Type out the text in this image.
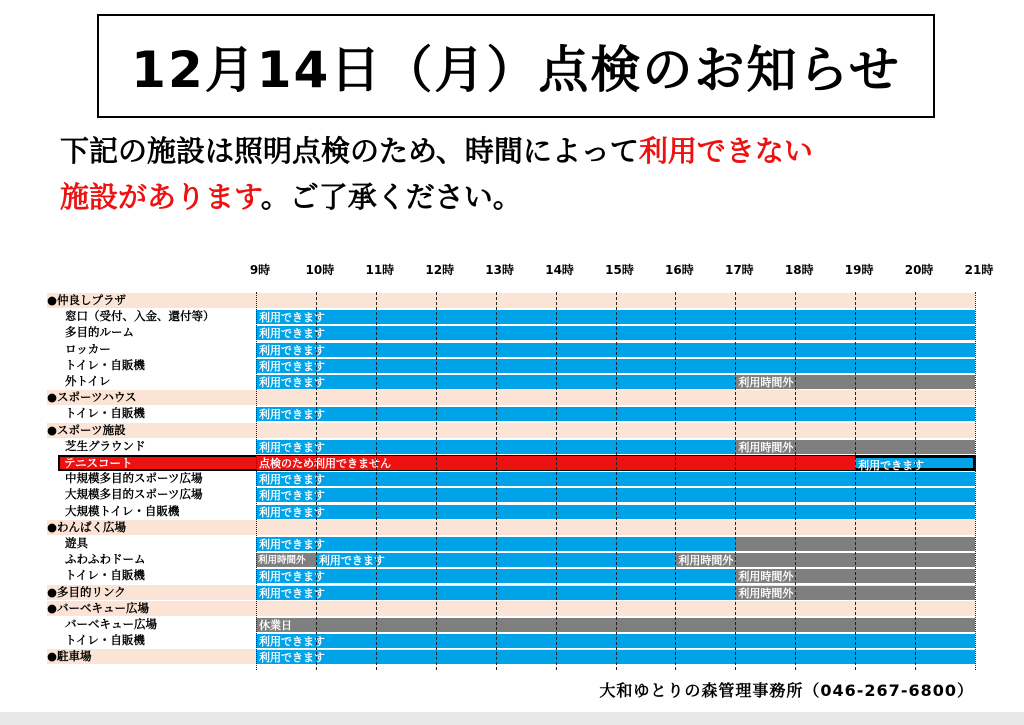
12月14日（月）点検のお知らせ
下記の施設は照明点検のため、時間によって利用できない
施設があります。ご了承ください。
9時	10時	11時	12時	13時	14時	15時	16時	17時	18時	19時	20時	21時
●仲良しプラザ
窓口（受付、入金、還付等）	利用できます
多目的ルーム	利用できます
ロッカー	利用できます
トイレ・自販機	利用できます
外トイレ	利用できます	利用時間外
●スポーツハウス
トイレ・自販機	利用できます
●スポーツ施設
芝生グラウンド	利用できます	利用時間外
テニスコート	点検のため利用できません	利用できます
中規模多目的スポーツ広場	利用できます
大規模多目的スポーツ広場	利用できます
大規模トイレ・自販機	利用できます
●わんぱく広場
遊具	利用できます
ふわふわドーム	利用時間外 利用できます	利用時間外
トイレ・自販機	利用できます	利用時間外
●多目的リンク	利用できます	利用時間外
●バーベキュー広場
バーベキュー広場	休業日
トイレ・自販機	利用できます
●駐車場	利用できます
大和ゆとりの森管理事務所（046-267-6800）
